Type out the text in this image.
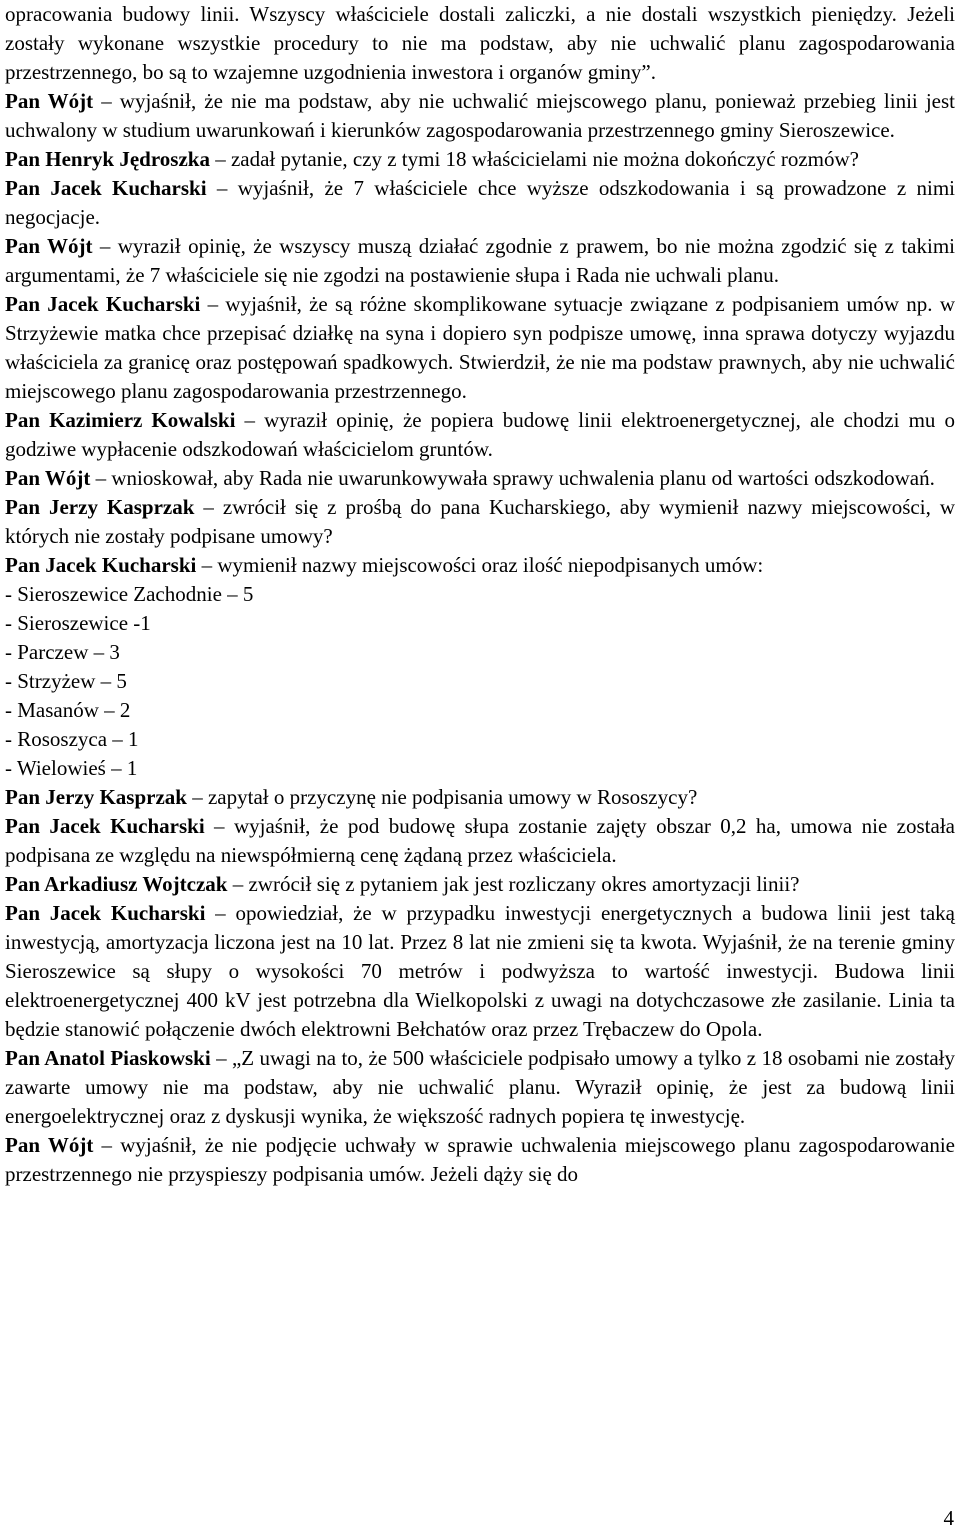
opracowania budowy linii. Wszyscy właściciele dostali zaliczki, a nie dostali wszystkich pieniędzy. Jeżeli zostały wykonane wszystkie procedury to nie ma podstaw, aby nie uchwalić planu zagospodarowania przestrzennego, bo są to wzajemne uzgodnienia inwestora i organów gminy”.

Pan Wójt – wyjaśnił, że nie ma podstaw, aby nie uchwalić miejscowego planu, ponieważ przebieg linii jest uchwalony w studium uwarunkowań i kierunków zagospodarowania przestrzennego gminy Sieroszewice.

Pan Henryk Jędroszka – zadał pytanie, czy z tymi 18 właścicielami nie można dokończyć rozmów?

Pan Jacek Kucharski – wyjaśnił, że 7 właściciele chce wyższe odszkodowania i są prowadzone z nimi negocjacje.

Pan Wójt – wyraził opinię, że wszyscy muszą działać zgodnie z prawem, bo nie można zgodzić się z takimi argumentami, że 7 właściciele się nie zgodzi na postawienie słupa i Rada nie uchwali planu.

Pan Jacek Kucharski – wyjaśnił, że są różne skomplikowane sytuacje związane z podpisaniem umów np. w Strzyżewie matka chce przepisać działkę na syna i dopiero syn podpisze umowę, inna sprawa dotyczy wyjazdu właściciela za granicę oraz postępowań spadkowych. Stwierdził, że nie ma podstaw prawnych, aby nie uchwalić miejscowego planu zagospodarowania przestrzennego.

Pan Kazimierz Kowalski – wyraził opinię, że popiera budowę linii elektroenergetycznej, ale chodzi mu o godziwe wypłacenie odszkodowań właścicielom gruntów.

Pan Wójt – wnioskował, aby Rada nie uwarunkowywała sprawy uchwalenia planu od wartości odszkodowań.

Pan Jerzy Kasprzak – zwrócił się z prośbą do pana Kucharskiego, aby wymienił nazwy miejscowości, w których nie zostały podpisane umowy?

Pan Jacek Kucharski – wymienił nazwy miejscowości oraz ilość niepodpisanych umów:

- Sieroszewice Zachodnie – 5
- Sieroszewice -1
- Parczew – 3
- Strzyżew – 5
- Masanów – 2
- Rososzyca – 1
- Wielowieś – 1

Pan Jerzy Kasprzak – zapytał o przyczynę nie podpisania umowy w Rososzycy?

Pan Jacek Kucharski – wyjaśnił, że pod budowę słupa zostanie zajęty obszar 0,2 ha, umowa nie została podpisana ze względu na niewspółmierną cenę żądaną przez właściciela.

Pan Arkadiusz Wojtczak – zwrócił się z pytaniem jak jest rozliczany okres amortyzacji linii?

Pan Jacek Kucharski – opowiedział, że w przypadku inwestycji energetycznych a budowa linii jest taką inwestycją, amortyzacja liczona jest na 10 lat. Przez 8 lat nie zmieni się ta kwota. Wyjaśnił, że na terenie gminy Sieroszewice są słupy o wysokości 70 metrów i podwyższa to wartość inwestycji. Budowa linii elektroenergetycznej 400 kV jest potrzebna dla Wielkopolski z uwagi na dotychczasowe złe zasilanie. Linia ta będzie stanowić połączenie dwóch elektrowni Bełchatów oraz przez Trębaczew do Opola.

Pan Anatol Piaskowski – „Z uwagi na to, że 500 właściciele podpisało umowy a tylko z 18 osobami nie zostały zawarte umowy nie ma podstaw, aby nie uchwalić planu. Wyraził opinię, że jest za budową linii energoelektrycznej oraz z dyskusji wynika, że większość radnych popiera tę inwestycję.

Pan Wójt – wyjaśnił, że nie podjęcie uchwały w sprawie uchwalenia miejscowego planu zagospodarowanie przestrzennego nie przyspieszy podpisania umów. Jeżeli dąży się do

4
